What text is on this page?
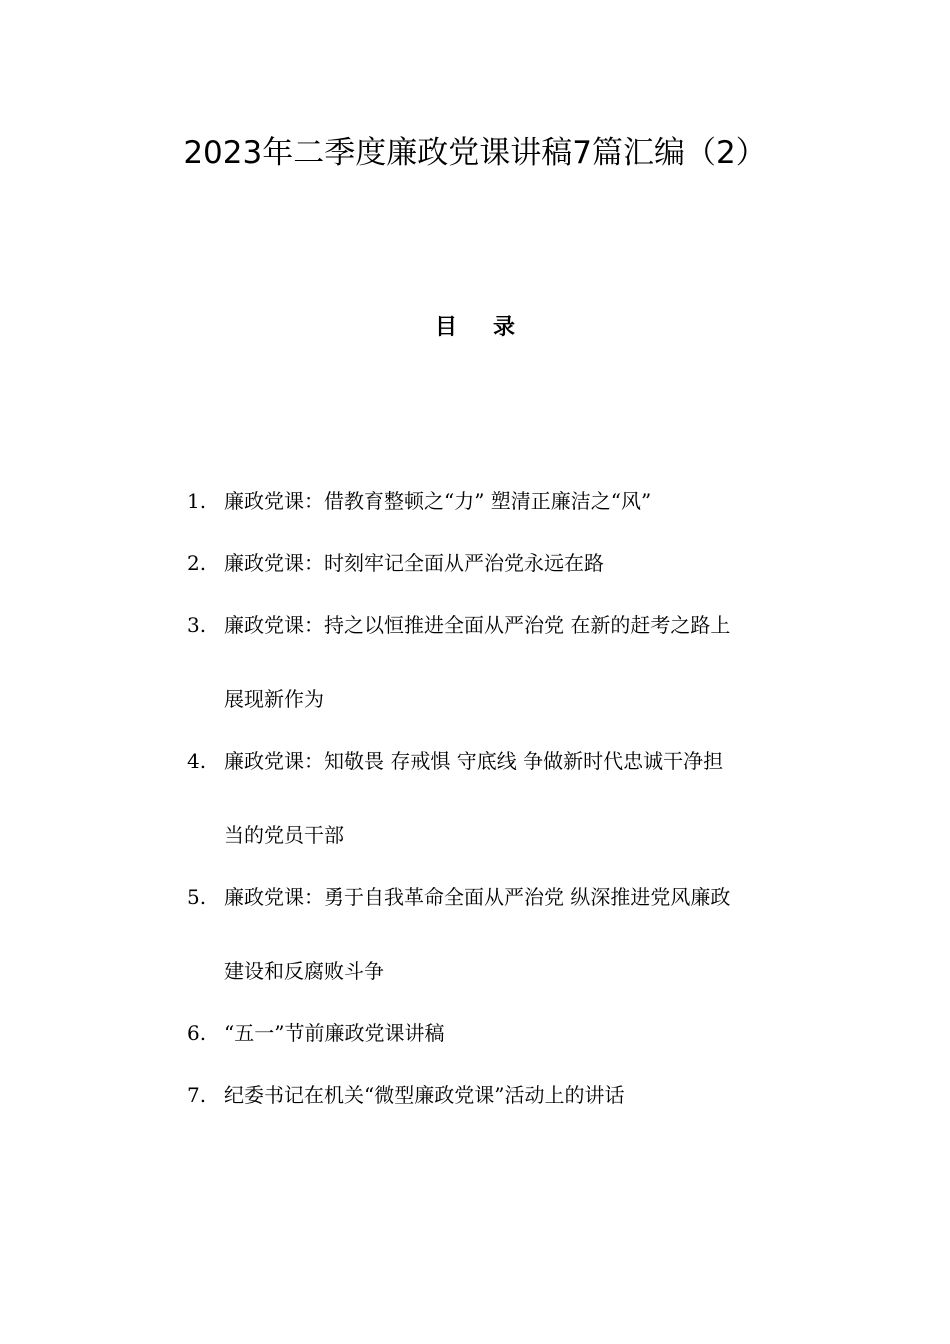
2023年二季度廉政党课讲稿7篇汇编（2）
目 录
1. 廉政党课：借教育整顿之“力” 塑清正廉洁之“风”
2. 廉政党课：时刻牢记全面从严治党永远在路
3. 廉政党课：持之以恒推进全面从严治党 在新的赶考之路上
展现新作为
4. 廉政党课：知敬畏 存戒惧 守底线 争做新时代忠诚干净担
当的党员干部
5. 廉政党课：勇于自我革命全面从严治党 纵深推进党风廉政
建设和反腐败斗争
6. “五一”节前廉政党课讲稿
7. 纪委书记在机关“微型廉政党课”活动上的讲话
